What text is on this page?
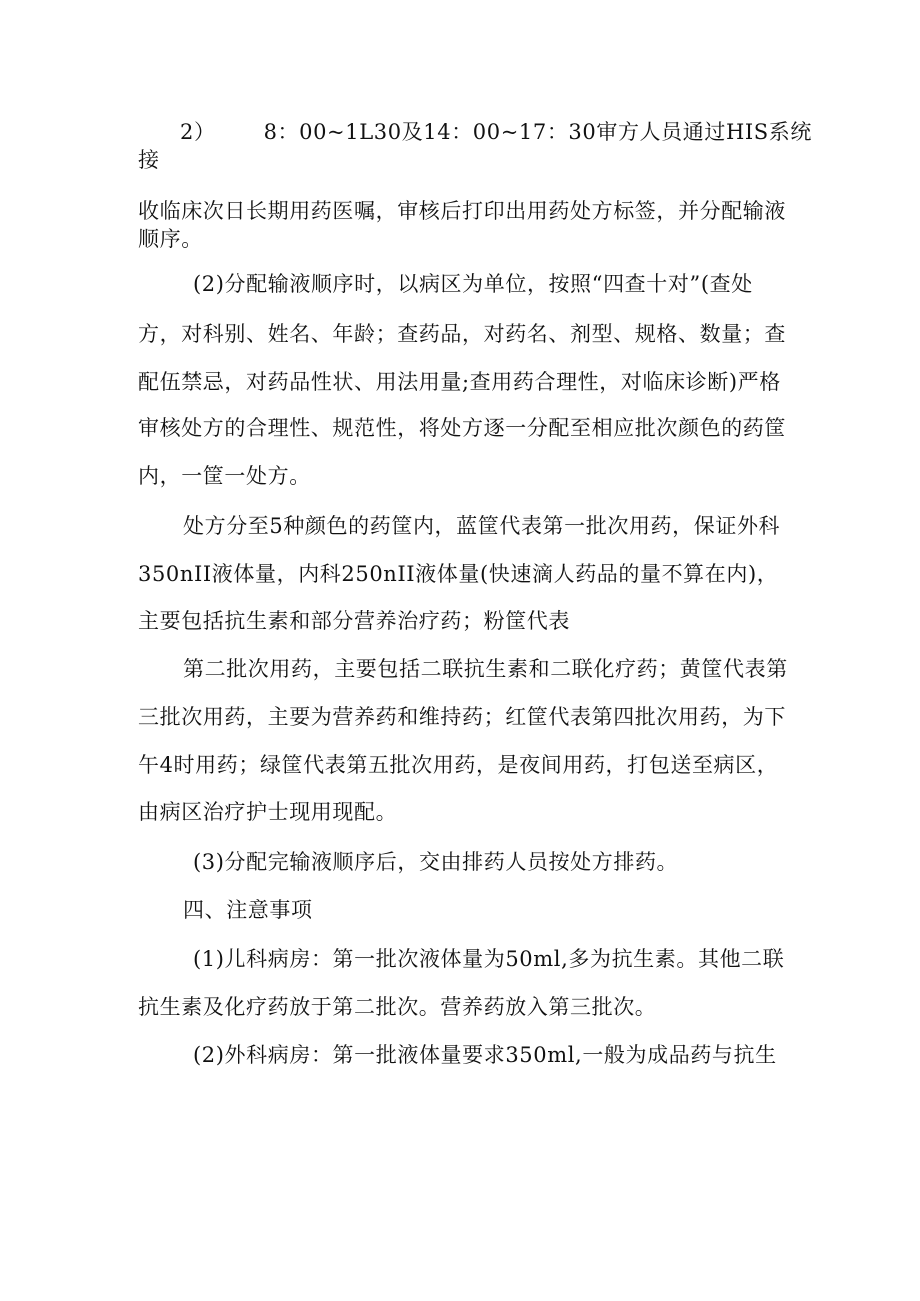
2） 8：00~1L30及14：00~17：30审方人员通过HIS系统
接
收临床次日长期用药医嘱，审核后打印出用药处方标签，并分配输液
顺序。
(2)分配输液顺序时，以病区为单位，按照“四查十对”(查处
方，对科别、姓名、年龄；查药品，对药名、剂型、规格、数量；查
配伍禁忌，对药品性状、用法用量;查用药合理性，对临床诊断)严格
审核处方的合理性、规范性，将处方逐一分配至相应批次颜色的药筐
内，一筐一处方。
处方分至5种颜色的药筐内，蓝筐代表第一批次用药，保证外科
350nII液体量，内科250nII液体量(快速滴人药品的量不算在内)，
主要包括抗生素和部分营养治疗药；粉筐代表
第二批次用药，主要包括二联抗生素和二联化疗药；黄筐代表第
三批次用药，主要为营养药和维持药；红筐代表第四批次用药，为下
午4时用药；绿筐代表第五批次用药，是夜间用药，打包送至病区，
由病区治疗护士现用现配。
(3)分配完输液顺序后，交由排药人员按处方排药。
四、注意事项
(1)儿科病房：第一批次液体量为50ml,多为抗生素。其他二联
抗生素及化疗药放于第二批次。营养药放入第三批次。
(2)外科病房：第一批液体量要求350ml,一般为成品药与抗生
